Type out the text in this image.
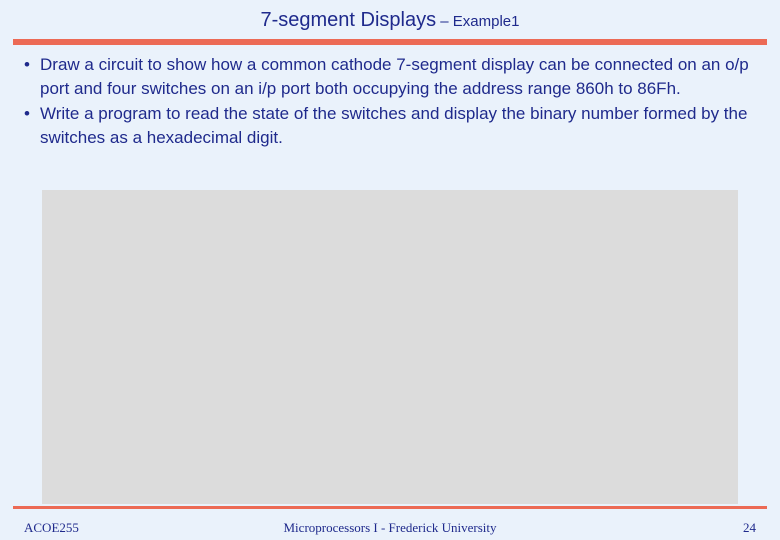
7-segment Displays – Example1
• Draw a circuit to show how a common cathode 7-segment display can be connected on an o/p port and four switches on an i/p port both occupying the address range 860h to 86Fh.
• Write a program to read the state of the switches and display the binary number formed by the switches as a hexadecimal digit.
ACOE255	Microprocessors I - Frederick University	24
